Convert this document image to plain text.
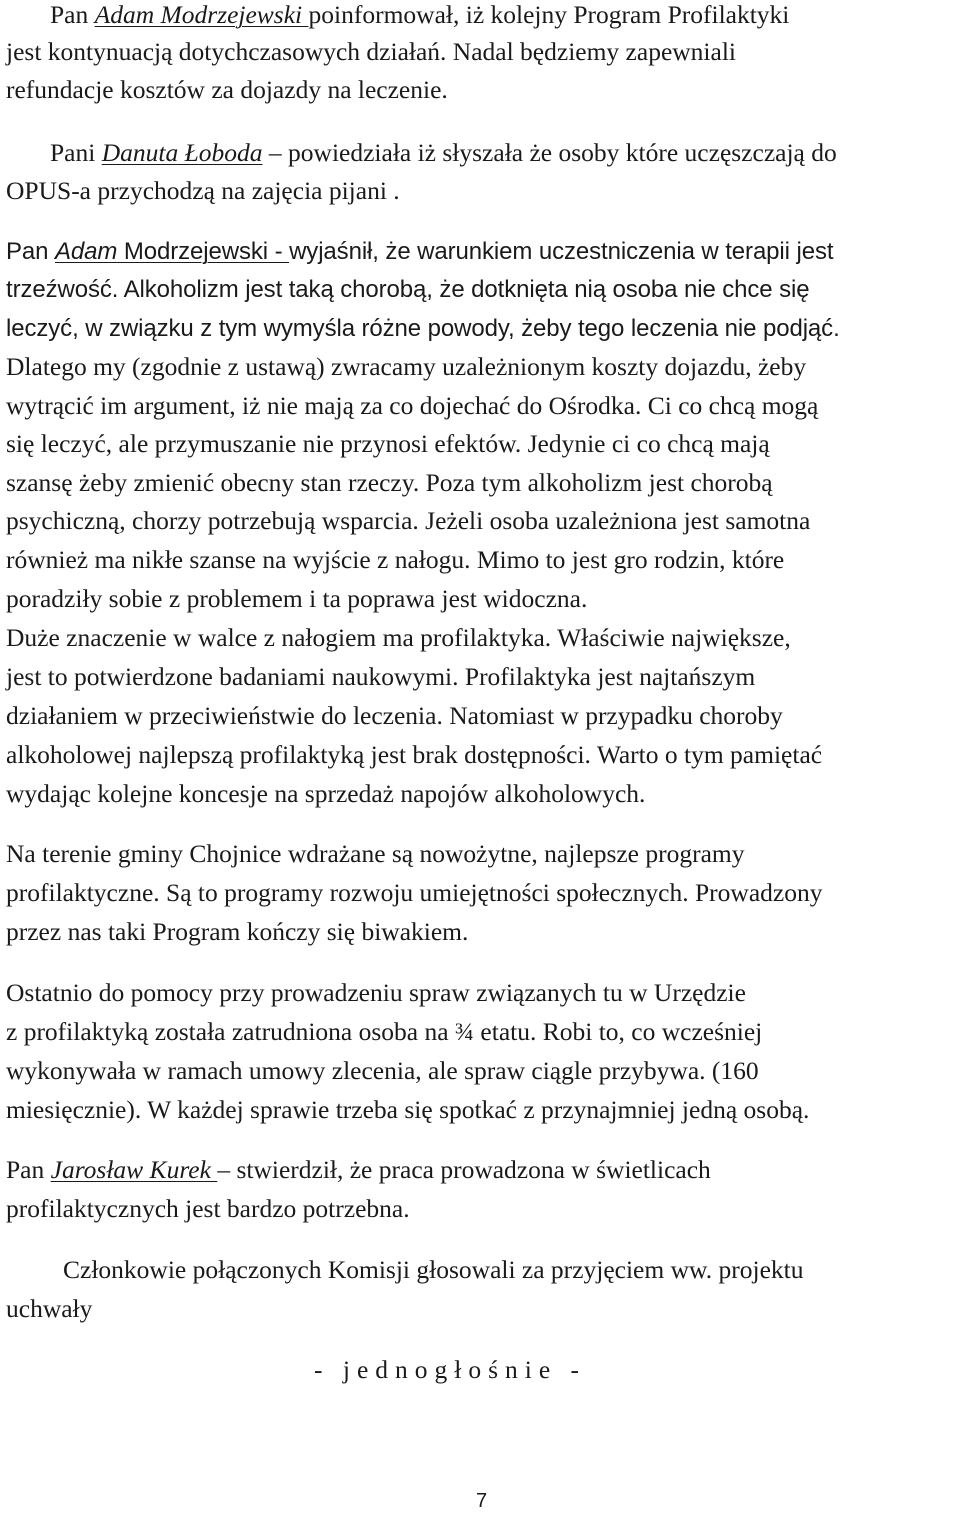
Pan Adam Modrzejewski poinformował, iż kolejny Program Profilaktyki
jest kontynuacją dotychczasowych działań. Nadal będziemy zapewniali
refundacje kosztów za dojazdy na leczenie.
Pani Danuta Łoboda – powiedziała iż słyszała że osoby które uczęszczają do
OPUS-a przychodzą na zajęcia pijani .
Pan Adam Modrzejewski - wyjaśnił, że warunkiem uczestniczenia w terapii jest
trzeźwość. Alkoholizm jest taką chorobą, że dotknięta nią osoba nie chce się
leczyć, w związku z tym wymyśla różne powody, żeby tego leczenia nie podjąć.
Dlatego my (zgodnie z ustawą) zwracamy uzależnionym koszty dojazdu, żeby
wytrącić im argument, iż nie mają za co dojechać do Ośrodka. Ci co chcą mogą
się leczyć, ale przymuszanie nie przynosi efektów. Jedynie ci co chcą mają
szansę żeby zmienić obecny stan rzeczy. Poza tym alkoholizm jest chorobą
psychiczną, chorzy potrzebują wsparcia. Jeżeli osoba uzależniona jest samotna
również ma nikłe szanse na wyjście z nałogu. Mimo to jest gro rodzin, które
poradziły sobie z problemem i ta poprawa jest widoczna.
Duże znaczenie w walce z nałogiem ma profilaktyka. Właściwie największe,
jest to potwierdzone badaniami naukowymi. Profilaktyka jest najtańszym
działaniem w przeciwieństwie do leczenia. Natomiast w przypadku choroby
alkoholowej najlepszą profilaktyką jest brak dostępności. Warto o tym pamiętać
wydając kolejne koncesje na sprzedaż napojów alkoholowych.
Na terenie gminy Chojnice wdrażane są nowożytne, najlepsze programy
profilaktyczne. Są to programy rozwoju umiejętności społecznych. Prowadzony
przez nas taki Program kończy się biwakiem.
Ostatnio do pomocy przy prowadzeniu spraw związanych tu w Urzędzie
z profilaktyką została zatrudniona osoba na ¾ etatu. Robi to, co wcześniej
wykonywała w ramach umowy zlecenia, ale spraw ciągle przybywa. (160
miesięcznie). W każdej sprawie trzeba się spotkać z przynajmniej jedną osobą.
Pan Jarosław Kurek – stwierdził, że praca prowadzona w świetlicach
profilaktycznych jest bardzo potrzebna.
Członkowie połączonych Komisji głosowali za przyjęciem ww. projektu
uchwały
- jednogłośnie -
7
